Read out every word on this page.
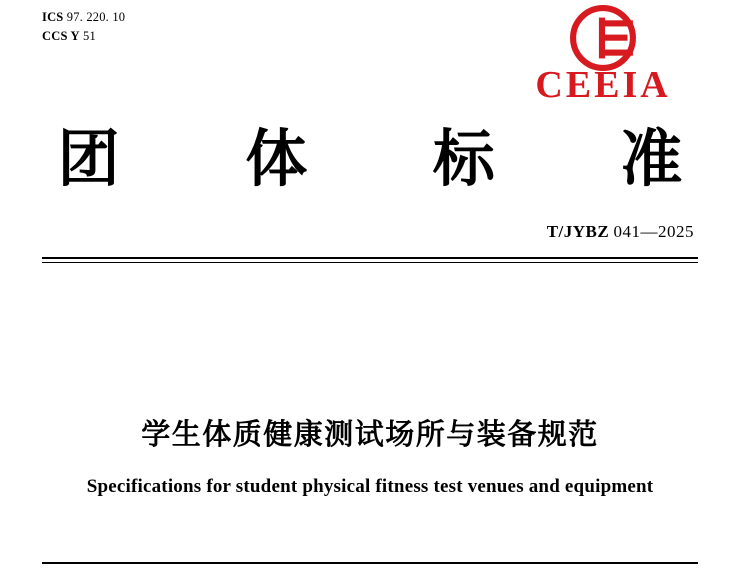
ICS 97. 220. 10
CCS Y 51
CEEIA
团 体 标 准
T/JYBZ 041—2025
学生体质健康测试场所与装备规范
Specifications for student physical fitness test venues and equipment
